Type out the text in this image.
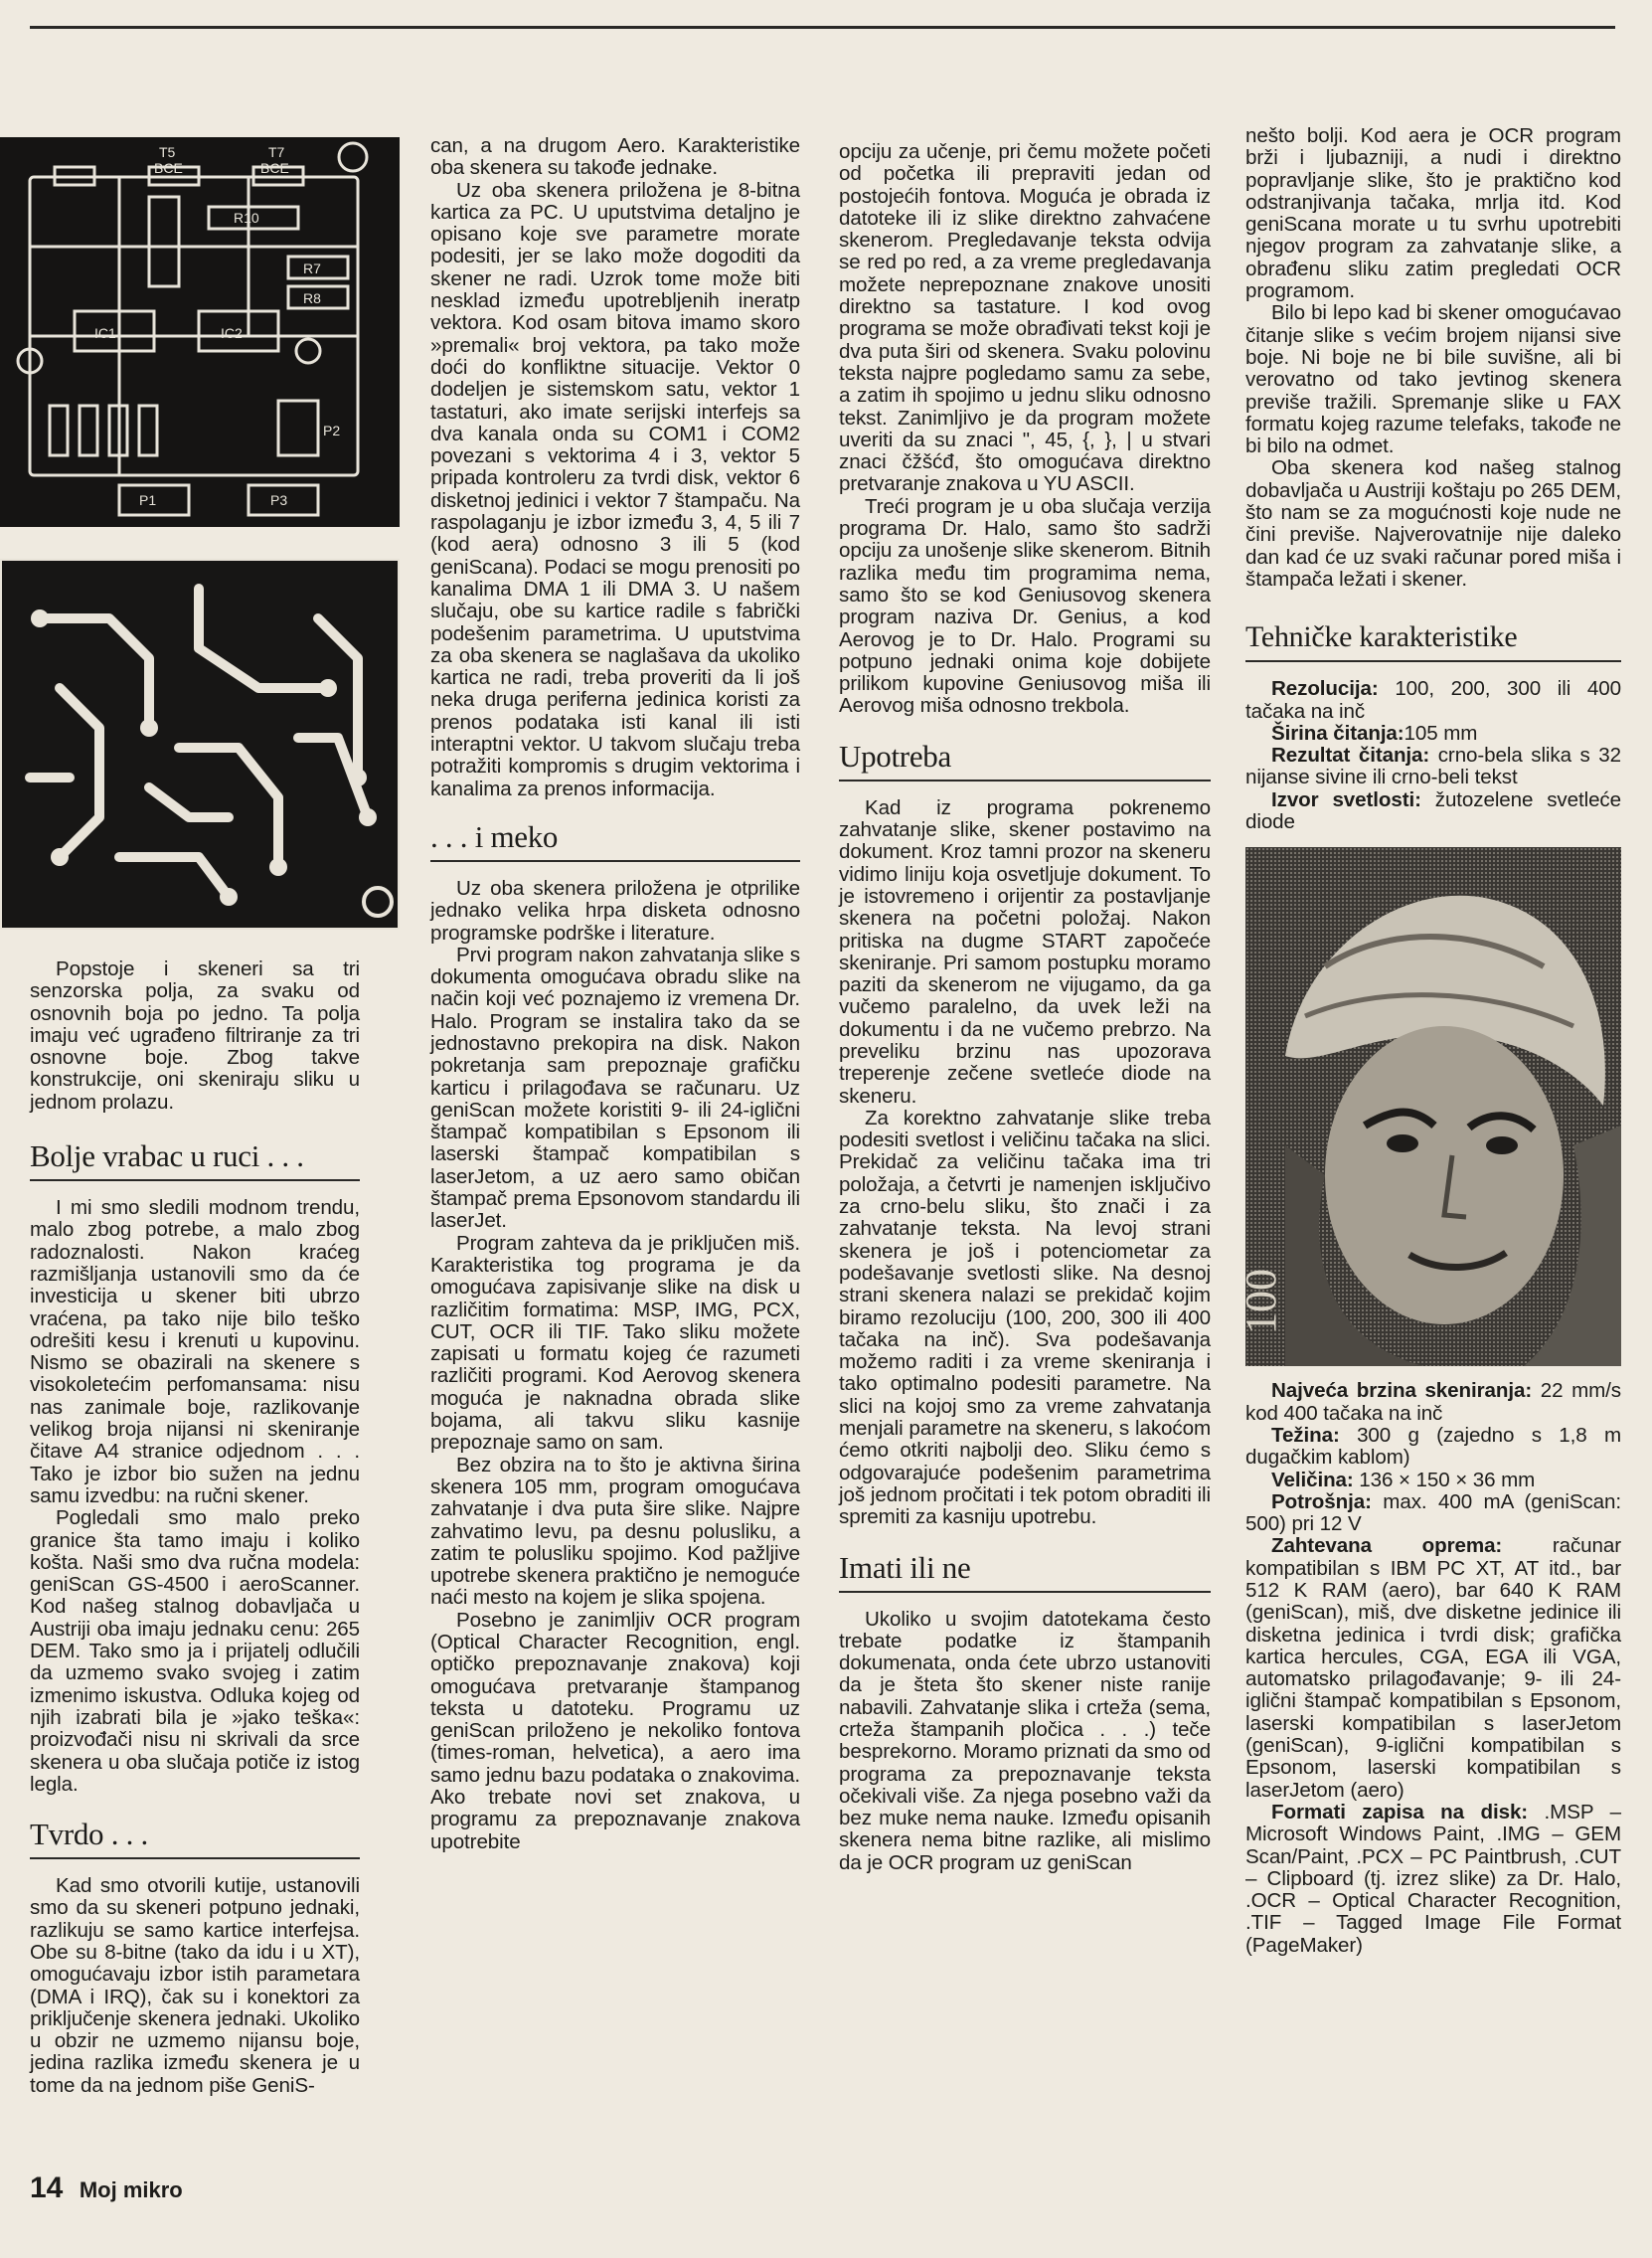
T5	T7
BCE	BCE
IC1	IC2
R7
R8
R10
P1
P2
P3

Popstoje i skeneri sa tri senzorska polja, za svaku od osnovnih boja po jedno. Ta polja imaju već ugrađeno filtriranje za tri osnovne boje. Zbog takve konstrukcije, oni skeniraju sliku u jednom prolazu.

Bolje vrabac u ruci . . .

I mi smo sledili modnom trendu, malo zbog potrebe, a malo zbog radoznalosti. Nakon kraćeg razmišljanja ustanovili smo da će investicija u skener biti ubrzo vraćena, pa tako nije bilo teško odrešiti kesu i krenuti u kupovinu. Nismo se obazirali na skenere s visokoletećim perfomansama: nisu nas zanimale boje, razlikovanje velikog broja nijansi ni skeniranje čitave A4 stranice odjednom . . . Tako je izbor bio sužen na jednu samu izvedbu: na ručni skener.

Pogledali smo malo preko granice šta tamo imaju i koliko košta. Naši smo dva ručna modela: geniScan GS-4500 i aeroScanner. Kod našeg stalnog dobavljača u Austriji oba imaju jednaku cenu: 265 DEM. Tako smo ja i prijatelj odlučili da uzmemo svako svojeg i zatim izmenimo iskustva. Odluka kojeg od njih izabrati bila je »jako teška«: proizvođači nisu ni skrivali da srce skenera u oba slučaja potiče iz istog legla.

Tvrdo . . .

Kad smo otvorili kutije, ustanovili smo da su skeneri potpuno jednaki, razlikuju se samo kartice interfejsa. Obe su 8-bitne (tako da idu i u XT), omogućavaju izbor istih parametara (DMA i IRQ), čak su i konektori za priključenje skenera jednaki. Ukoliko u obzir ne uzmemo nijansu boje, jedina razlika između skenera je u tome da na jednom piše GeniS-

can, a na drugom Aero. Karakteristike oba skenera su takođe jednake.

Uz oba skenera priložena je 8-bitna kartica za PC. U uputstvima detaljno je opisano koje sve parametre morate podesiti, jer se lako može dogoditi da skener ne radi. Uzrok tome može biti nesklad između upotrebljenih ineratp vektora. Kod osam bitova imamo skoro »premali« broj vektora, pa tako može doći do konfliktne situacije. Vektor 0 dodeljen je sistemskom satu, vektor 1 tastaturi, ako imate serijski interfejs sa dva kanala onda su COM1 i COM2 povezani s vektorima 4 i 3, vektor 5 pripada kontroleru za tvrdi disk, vektor 6 disketnoj jedinici i vektor 7 štampaču. Na raspolaganju je izbor između 3, 4, 5 ili 7 (kod aera) odnosno 3 ili 5 (kod geniScana). Podaci se mogu prenositi po kanalima DMA 1 ili DMA 3. U našem slučaju, obe su kartice radile s fabrički podešenim parametrima. U uputstvima za oba skenera se naglašava da ukoliko kartica ne radi, treba proveriti da li još neka druga periferna jedinica koristi za prenos podataka isti kanal ili isti interaptni vektor. U takvom slučaju treba potražiti kompromis s drugim vektorima i kanalima za prenos informacija.

. . . i meko

Uz oba skenera priložena je otprilike jednako velika hrpa disketa odnosno programske podrške i literature.

Prvi program nakon zahvatanja slike s dokumenta omogućava obradu slike na način koji već poznajemo iz vremena Dr. Halo. Program se instalira tako da se jednostavno prekopira na disk. Nakon pokretanja sam prepoznaje grafičku karticu i prilagođava se računaru. Uz geniScan možete koristiti 9- ili 24-iglični štampač kompatibilan s Epsonom ili laserski štampač kompatibilan s laserJetom, a uz aero samo običan štampač prema Epsonovom standardu ili laserJet.

Program zahteva da je priključen miš. Karakteristika tog programa je da omogućava zapisivanje slike na disk u različitim formatima: MSP, IMG, PCX, CUT, OCR ili TIF. Tako sliku možete zapisati u formatu kojeg će razumeti različiti programi. Kod Aerovog skenera moguća je naknadna obrada slike bojama, ali takvu sliku kasnije prepoznaje samo on sam.

Bez obzira na to što je aktivna širina skenera 105 mm, program omogućava zahvatanje i dva puta šire slike. Najpre zahvatimo levu, pa desnu polusliku, a zatim te polusliku spojimo. Kod pažljive upotrebe skenera praktično je nemoguće naći mesto na kojem je slika spojena.

Posebno je zanimljiv OCR program (Optical Character Recognition, engl. optičko prepoznavanje znakova) koji omogućava pretvaranje štampanog teksta u datoteku. Programu uz geniScan priloženo je nekoliko fontova (times-roman, helvetica), a aero ima samo jednu bazu podataka o znakovima. Ako trebate novi set znakova, u programu za prepoznavanje znakova upotrebite

opciju za učenje, pri čemu možete početi od početka ili prepraviti jedan od postojećih fontova. Moguća je obrada iz datoteke ili iz slike direktno zahvaćene skenerom. Pregledavanje teksta odvija se red po red, a za vreme pregledavanja možete neprepoznane znakove unositi direktno sa tastature. I kod ovog programa se može obrađivati tekst koji je dva puta širi od skenera. Svaku polovinu teksta najpre pogledamo samu za sebe, a zatim ih spojimo u jednu sliku odnosno tekst. Zanimljivo je da program možete uveriti da su znaci ", 45, {, }, | u stvari znaci čžšćđ, što omogućava direktno pretvaranje znakova u YU ASCII.

Treći program je u oba slučaja verzija programa Dr. Halo, samo što sadrži opciju za unošenje slike skenerom. Bitnih razlika među tim programima nema, samo što se kod Geniusovog skenera program naziva Dr. Genius, a kod Aerovog je to Dr. Halo. Programi su potpuno jednaki onima koje dobijete prilikom kupovine Geniusovog miša ili Aerovog miša odnosno trekbola.

Upotreba

Kad iz programa pokrenemo zahvatanje slike, skener postavimo na dokument. Kroz tamni prozor na skeneru vidimo liniju koja osvetljuje dokument. To je istovremeno i orijentir za postavljanje skenera na početni položaj. Nakon pritiska na dugme START započeće skeniranje. Pri samom postupku moramo paziti da skenerom ne vijugamo, da ga vučemo paralelno, da uvek leži na dokumentu i da ne vučemo prebrzo. Na preveliku brzinu nas upozorava treperenje zečene svetleće diode na skeneru.

Za korektno zahvatanje slike treba podesiti svetlost i veličinu tačaka na slici. Prekidač za veličinu tačaka ima tri položaja, a četvrti je namenjen isključivo za crno-belu sliku, što znači i za zahvatanje teksta. Na levoj strani skenera je još i potenciometar za podešavanje svetlosti slike. Na desnoj strani skenera nalazi se prekidač kojim biramo rezoluciju (100, 200, 300 ili 400 tačaka na inč). Sva podešavanja možemo raditi i za vreme skeniranja i tako optimalno podesiti parametre. Na slici na kojoj smo za vreme zahvatanja menjali parametre na skeneru, s lakoćom ćemo otkriti najbolji deo. Sliku ćemo s odgovarajuće podešenim parametrima još jednom pročitati i tek potom obraditi ili spremiti za kasniju upotrebu.

Imati ili ne

Ukoliko u svojim datotekama često trebate podatke iz štampanih dokumenata, onda ćete ubrzo ustanoviti da je šteta što skener niste ranije nabavili. Zahvatanje slika i crteža (sema, crteža štampanih pločica . . .) teče besprekorno. Moramo priznati da smo od programa za prepoznavanje teksta očekivali više. Za njega posebno važi da bez muke nema nauke. Između opisanih skenera nema bitne razlike, ali mislimo da je OCR program uz geniScan

nešto bolji. Kod aera je OCR program brži i ljubazniji, a nudi i direktno popravljanje slike, što je praktično kod odstranjivanja tačaka, mrlja itd. Kod geniScana morate u tu svrhu upotrebiti njegov program za zahvatanje slike, a obrađenu sliku zatim pregledati OCR programom.

Bilo bi lepo kad bi skener omogućavao čitanje slike s većim brojem nijansi sive boje. Ni boje ne bi bile suvišne, ali bi verovatno od tako jevtinog skenera previše tražili. Spremanje slike u FAX formatu kojeg razume telefaks, takođe ne bi bilo na odmet.

Oba skenera kod našeg stalnog dobavljača u Austriji koštaju po 265 DEM, što nam se za mogućnosti koje nude ne čini previše. Najverovatnije nije daleko dan kad će uz svaki računar pored miša i štampača ležati i skener.

Tehničke karakteristike

Rezolucija: 100, 200, 300 ili 400 tačaka na inč

Širina čitanja:105 mm

Rezultat čitanja: crno-bela slika s 32 nijanse sivine ili crno-beli tekst

Izvor svetlosti: žutozelene svetleće diode

100

Najveća brzina skeniranja: 22 mm/s kod 400 tačaka na inč

Težina: 300 g (zajedno s 1,8 m dugačkim kablom)

Veličina: 136 × 150 × 36 mm

Potrošnja: max. 400 mA (geniScan: 500) pri 12 V

Zahtevana oprema: računar kompatibilan s IBM PC XT, AT itd., bar 512 K RAM (aero), bar 640 K RAM (geniScan), miš, dve disketne jedinice ili disketna jedinica i tvrdi disk; grafička kartica hercules, CGA, EGA ili VGA, automatsko prilagođavanje; 9- ili 24- iglični štampač kompatibilan s Epsonom, laserski kompatibilan s laserJetom (geniScan), 9-iglični kompatibilan s Epsonom, laserski kompatibilan s laserJetom (aero)

Formati zapisa na disk: .MSP – Microsoft Windows Paint, .IMG – GEM Scan/Paint, .PCX – PC Paintbrush, .CUT – Clipboard (tj. izrez slike) za Dr. Halo, .OCR – Optical Character Recognition, .TIF – Tagged Image File Format (PageMaker)

14 Moj mikro
